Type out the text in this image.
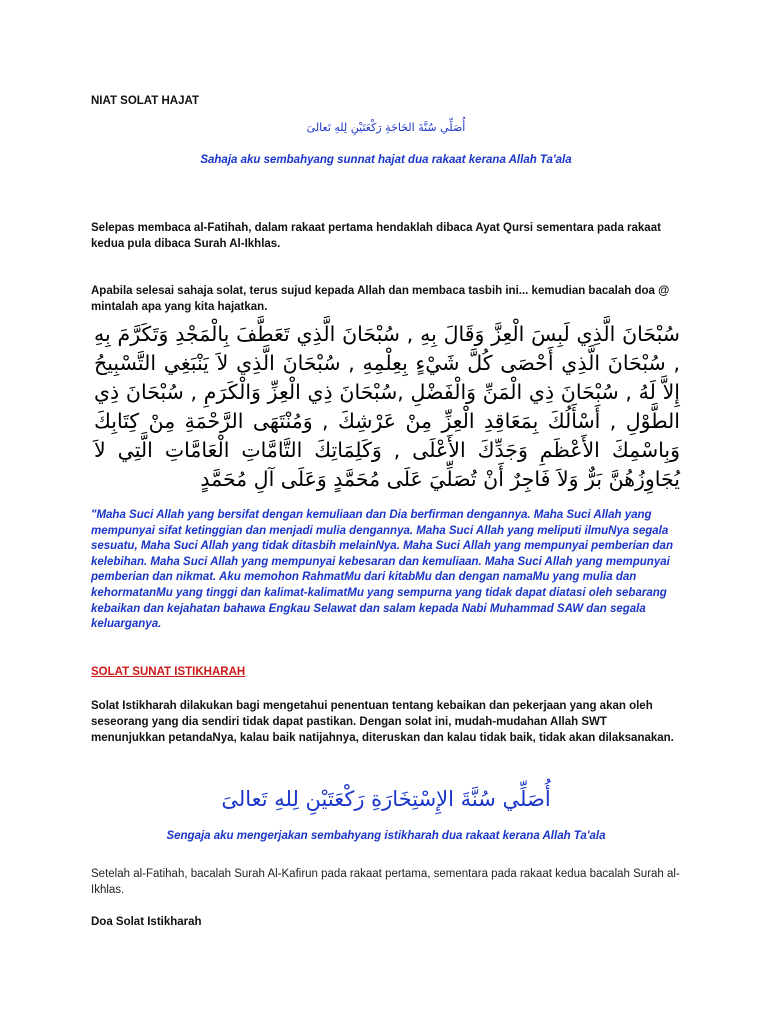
NIAT SOLAT HAJAT
أُصَلِّي سُنَّةَ الحَاجَةِ رَكْعَتَيْنِ لِلهِ تَعالىَ
Sahaja aku sembahyang sunnat hajat dua rakaat kerana Allah Ta'ala
Selepas membaca al-Fatihah, dalam rakaat pertama hendaklah dibaca Ayat Qursi sementara pada rakaat kedua pula dibaca Surah Al-Ikhlas.
Apabila selesai sahaja solat, terus sujud kepada Allah dan membaca tasbih ini... kemudian bacalah doa @ mintalah apa yang kita hajatkan.
سُبْحَانَ الَّذِي لَبِسَ الْعِزَّ وَقَالَ بِهِ , سُبْحَانَ الَّذِي تَعَطَّفَ بِالْمَجْدِ وَتَكَرَّمَ بِهِ , سُبْحَانَ الَّذِي أَحْصَى كُلَّ شَيْءٍ بِعِلْمِهِ , سُبْحَانَ الَّذِي لاَ يَنْبَغِي التَّسْبِيحُ إِلاَّ لَهُ , سُبْحَانَ ذِي الْمَنِّ وَالْفَضْلِ ,سُبْحَانَ ذِي الْعِزِّ وَالْكَرَمِ , سُبْحَانَ ذِي الطَّوْلِ , أَسْأَلُكَ بِمَعَاقِدِ الْعِزِّ مِنْ عَرْشِكَ , وَمُنْتَهَى الرَّحْمَةِ مِنْ كِتَابِكَ وَبِاسْمِكَ الأَعْظَمِ وَجَدِّكَ الأَعْلَى , وَكَلِمَاتِكَ التَّامَّاتِ الْعَامَّاتِ الَّتِي لاَ يُجَاوِزُهُنَّ بَرٌّ وَلاَ فَاجِرٌ أَنْ تُصَلِّيَ عَلَى مُحَمَّدٍ وَعَلَى آلِ مُحَمَّدٍ
"Maha Suci Allah yang bersifat dengan kemuliaan dan Dia berfirman dengannya. Maha Suci Allah yang mempunyai sifat ketinggian dan menjadi mulia dengannya. Maha Suci Allah yang meliputi ilmuNya segala sesuatu, Maha Suci Allah yang tidak ditasbih melainNya. Maha Suci Allah yang mempunyai pemberian dan kelebihan. Maha Suci Allah yang mempunyai kebesaran dan kemuliaan. Maha Suci Allah yang mempunyai pemberian dan nikmat. Aku memohon RahmatMu dari kitabMu dan dengan namaMu yang mulia dan kehormatanMu yang tinggi dan kalimat-kalimatMu yang sempurna yang tidak dapat diatasi oleh sebarang kebaikan dan kejahatan bahawa Engkau Selawat dan salam kepada Nabi Muhammad SAW dan segala keluarganya.
SOLAT SUNAT ISTIKHARAH
Solat Istikharah dilakukan bagi mengetahui penentuan tentang kebaikan dan pekerjaan yang akan oleh seseorang yang dia sendiri tidak dapat pastikan. Dengan solat ini, mudah-mudahan Allah SWT menunjukkan petandaNya, kalau baik natijahnya, diteruskan dan kalau tidak baik, tidak akan dilaksanakan.
أُصَلِّي سُنَّةَ الإِسْتِخَارَةِ رَكْعَتَيْنِ لِلهِ تَعالىَ
Sengaja aku mengerjakan sembahyang istikharah dua rakaat kerana Allah Ta'ala
Setelah al-Fatihah, bacalah Surah Al-Kafirun pada rakaat pertama, sementara pada rakaat kedua bacalah Surah al-Ikhlas.
Doa Solat Istikharah
